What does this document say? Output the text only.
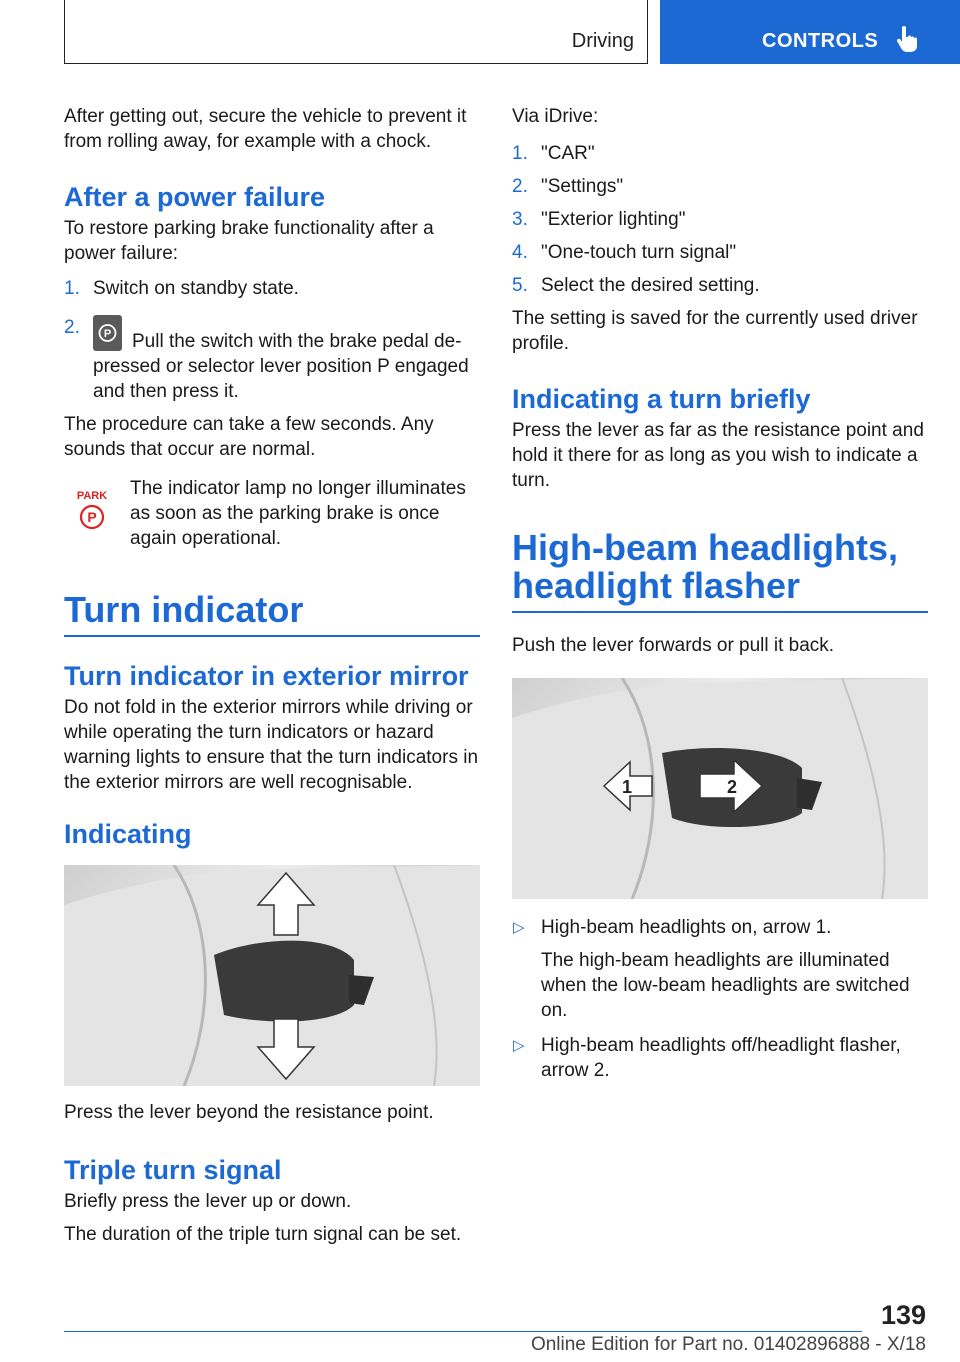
Driving	CONTROLS

After getting out, secure the vehicle to prevent it from rolling away, for example with a chock.

After a power failure

To restore parking brake functionality after a power failure:

1. Switch on standby state.
2. P Pull the switch with the brake pedal de-pressed or selector lever position P engaged and then press it.

The procedure can take a few seconds. Any sounds that occur are normal.

PARK
P

The indicator lamp no longer illuminates as soon as the parking brake is once again operational.

Turn indicator
Turn indicator in exterior mirror

Do not fold in the exterior mirrors while driving or while operating the turn indicators or hazard warning lights to ensure that the turn indicators in the exterior mirrors are well recognisable.

Indicating

Press the lever beyond the resistance point.

Triple turn signal

Briefly press the lever up or down.

The duration of the triple turn signal can be set.

Via iDrive:

1. "CAR"
2. "Settings"
3. "Exterior lighting"
4. "One-touch turn signal"
5. Select the desired setting.

The setting is saved for the currently used driver profile.

Indicating a turn briefly

Press the lever as far as the resistance point and hold it there for as long as you wish to indicate a turn.

High-beam headlights,
headlight flasher

Push the lever forwards or pull it back.

1	2
▷ High-beam headlights on, arrow 1.
The high-beam headlights are illuminated when the low-beam headlights are switched on.
▷ High-beam headlights off/headlight flasher, arrow 2.
139
Online Edition for Part no. 01402896888 - X/18
